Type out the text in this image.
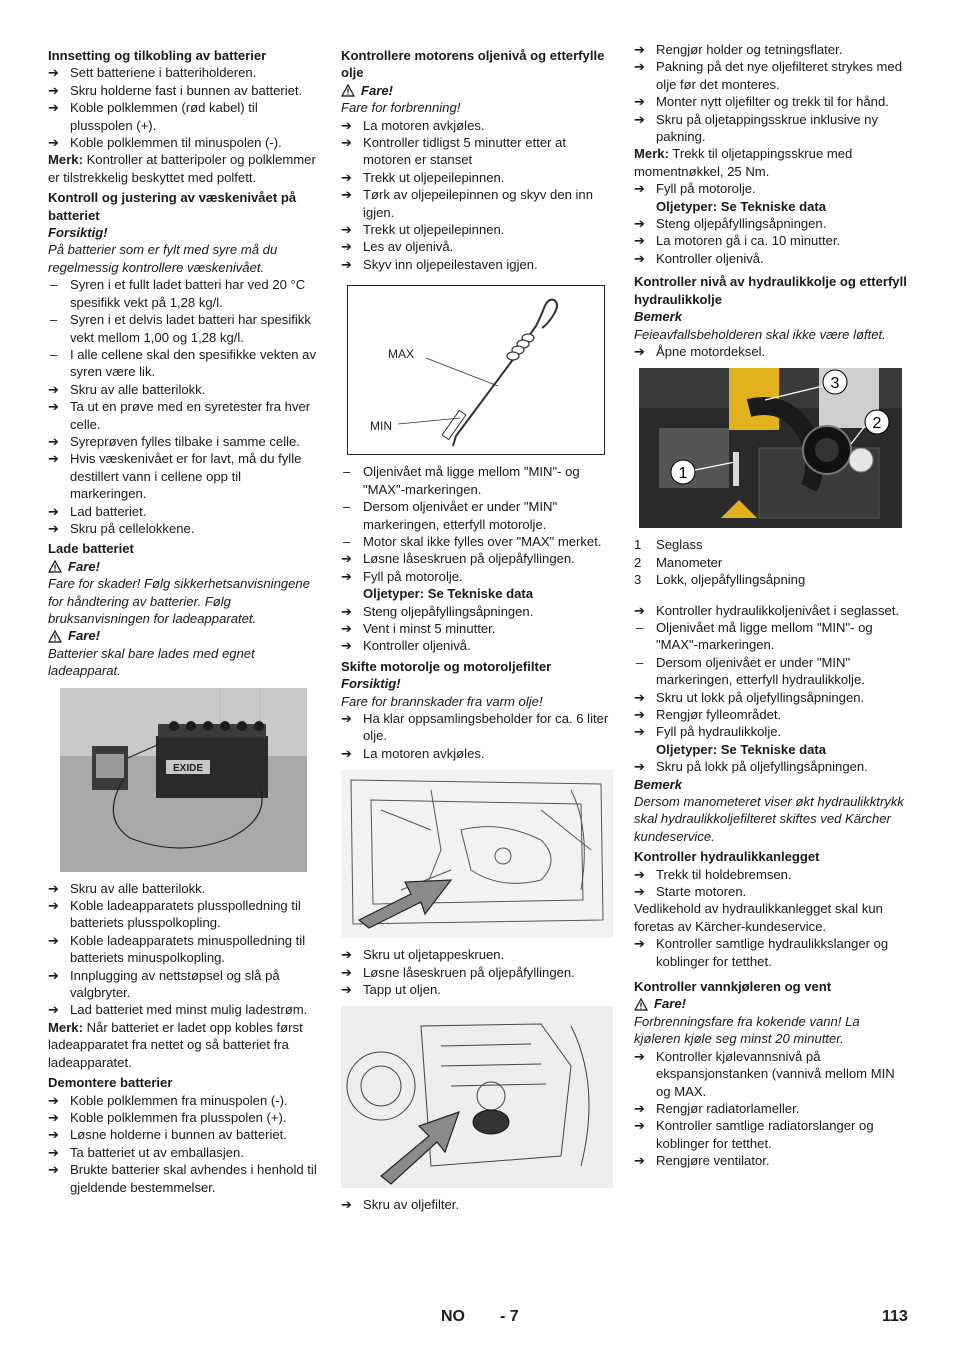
Innsetting og tilkobling av batterier
➔ Sett batteriene i batteriholderen.
➔ Skru holderne fast i bunnen av batteriet.
➔ Koble polklemmen (rød kabel) til plusspolen (+).
➔ Koble polklemmen til minuspolen (-).
Merk: Kontroller at batteripoler og polklemmer er tilstrekkelig beskyttet med polfett.
Kontroll og justering av væskenivået på batteriet
Forsiktig!
På batterier som er fylt med syre må du regelmessig kontrollere væskenivået.
– Syren i et fullt ladet batteri har ved 20 °C spesifikk vekt på 1,28 kg/l.
– Syren i et delvis ladet batteri har spesifikk vekt mellom 1,00 og 1,28 kg/l.
– I alle cellene skal den spesifikke vekten av syren være lik.
➔ Skru av alle batterilokk.
➔ Ta ut en prøve med en syretester fra hver celle.
➔ Syreprøven fylles tilbake i samme celle.
➔ Hvis væskenivået er for lavt, må du fylle destillert vann i cellene opp til markeringen.
➔ Lad batteriet.
➔ Skru på cellelokkene.
Lade batteriet
Fare!
Fare for skader! Følg sikkerhetsanvisningene for håndtering av batterier. Følg bruksanvisningen for ladeapparatet.
Fare!
Batterier skal bare lades med egnet ladeapparat.
EXIDE
➔ Skru av alle batterilokk.
➔ Koble ladeapparatets plusspolledning til batteriets plusspolkopling.
➔ Koble ladeapparatets minuspolledning til batteriets minuspolkopling.
➔ Innplugging av nettstøpsel og slå på valgbryter.
➔ Lad batteriet med minst mulig ladestrøm.
Merk: Når batteriet er ladet opp kobles først ladeapparatet fra nettet og så batteriet fra ladeapparatet.
Demontere batterier
➔ Koble polklemmen fra minuspolen (-).
➔ Koble polklemmen fra plusspolen (+).
➔ Løsne holderne i bunnen av batteriet.
➔ Ta batteriet ut av emballasjen.
➔ Brukte batterier skal avhendes i henhold til gjeldende bestemmelser.
Kontrollere motorens oljenivå og etterfylle olje
Fare!
Fare for forbrenning!
➔ La motoren avkjøles.
➔ Kontroller tidligst 5 minutter etter at motoren er stanset
➔ Trekk ut oljepeilepinnen.
➔ Tørk av oljepeilepinnen og skyv den inn igjen.
➔ Trekk ut oljepeilepinnen.
➔ Les av oljenivå.
➔ Skyv inn oljepeilestaven igjen.
MAX
MIN
– Oljenivået må ligge mellom "MIN"- og "MAX"-markeringen.
– Dersom oljenivået er under "MIN" markeringen, etterfyll motorolje.
– Motor skal ikke fylles over "MAX" merket.
➔ Løsne låseskruen på oljepåfyllingen.
➔ Fyll på motorolje.
Oljetyper: Se Tekniske data
➔ Steng oljepåfyllingsåpningen.
➔ Vent i minst 5 minutter.
➔ Kontroller oljenivå.
Skifte motorolje og motoroljefilter
Forsiktig!
Fare for brannskader fra varm olje!
➔ Ha klar oppsamlingsbeholder for ca. 6 liter olje.
➔ La motoren avkjøles.
➔ Skru ut oljetappeskruen.
➔ Løsne låseskruen på oljepåfyllingen.
➔ Tapp ut oljen.
➔ Skru av oljefilter.
➔ Rengjør holder og tetningsflater.
➔ Pakning på det nye oljefilteret strykes med olje før det monteres.
➔ Monter nytt oljefilter og trekk til for hånd.
➔ Skru på oljetappingsskrue inklusive ny pakning.
Merk: Trekk til oljetappingsskrue med momentnøkkel, 25 Nm.
➔ Fyll på motorolje.
Oljetyper: Se Tekniske data
➔ Steng oljepåfyllingsåpningen.
➔ La motoren gå i ca. 10 minutter.
➔ Kontroller oljenivå.
Kontroller nivå av hydraulikkolje og etterfyll hydraulikkolje
Bemerk
Feieavfallsbeholderen skal ikke være løftet.
➔ Åpne motordeksel.
3
2
1
1 Seglass
2 Manometer
3 Lokk, oljepåfyllingsåpning
➔ Kontroller hydraulikkoljenivået i seglasset.
– Oljenivået må ligge mellom "MIN"- og "MAX"-markeringen.
– Dersom oljenivået er under "MIN" markeringen, etterfyll hydraulikkolje.
➔ Skru ut lokk på oljefyllingsåpningen.
➔ Rengjør fylleområdet.
➔ Fyll på hydraulikkolje.
Oljetyper: Se Tekniske data
➔ Skru på lokk på oljefyllingsåpningen.
Bemerk
Dersom manometeret viser økt hydraulikktrykk skal hydraulikkoljefilteret skiftes ved Kärcher kundeservice.
Kontroller hydraulikkanlegget
➔ Trekk til holdebremsen.
➔ Starte motoren.
Vedlikehold av hydraulikkanlegget skal kun foretas av Kärcher-kundeservice.
➔ Kontroller samtlige hydraulikkslanger og koblinger for tetthet.
Kontroller vannkjøleren og vent
Fare!
Forbrenningsfare fra kokende vann! La kjøleren kjøle seg minst 20 minutter.
➔ Kontroller kjølevannsnivå på ekspansjonstanken (vannivå mellom MIN og MAX.
➔ Rengjør radiatorlameller.
➔ Kontroller samtlige radiatorslanger og koblinger for tetthet.
➔ Rengjøre ventilator.
NO - 7	113
